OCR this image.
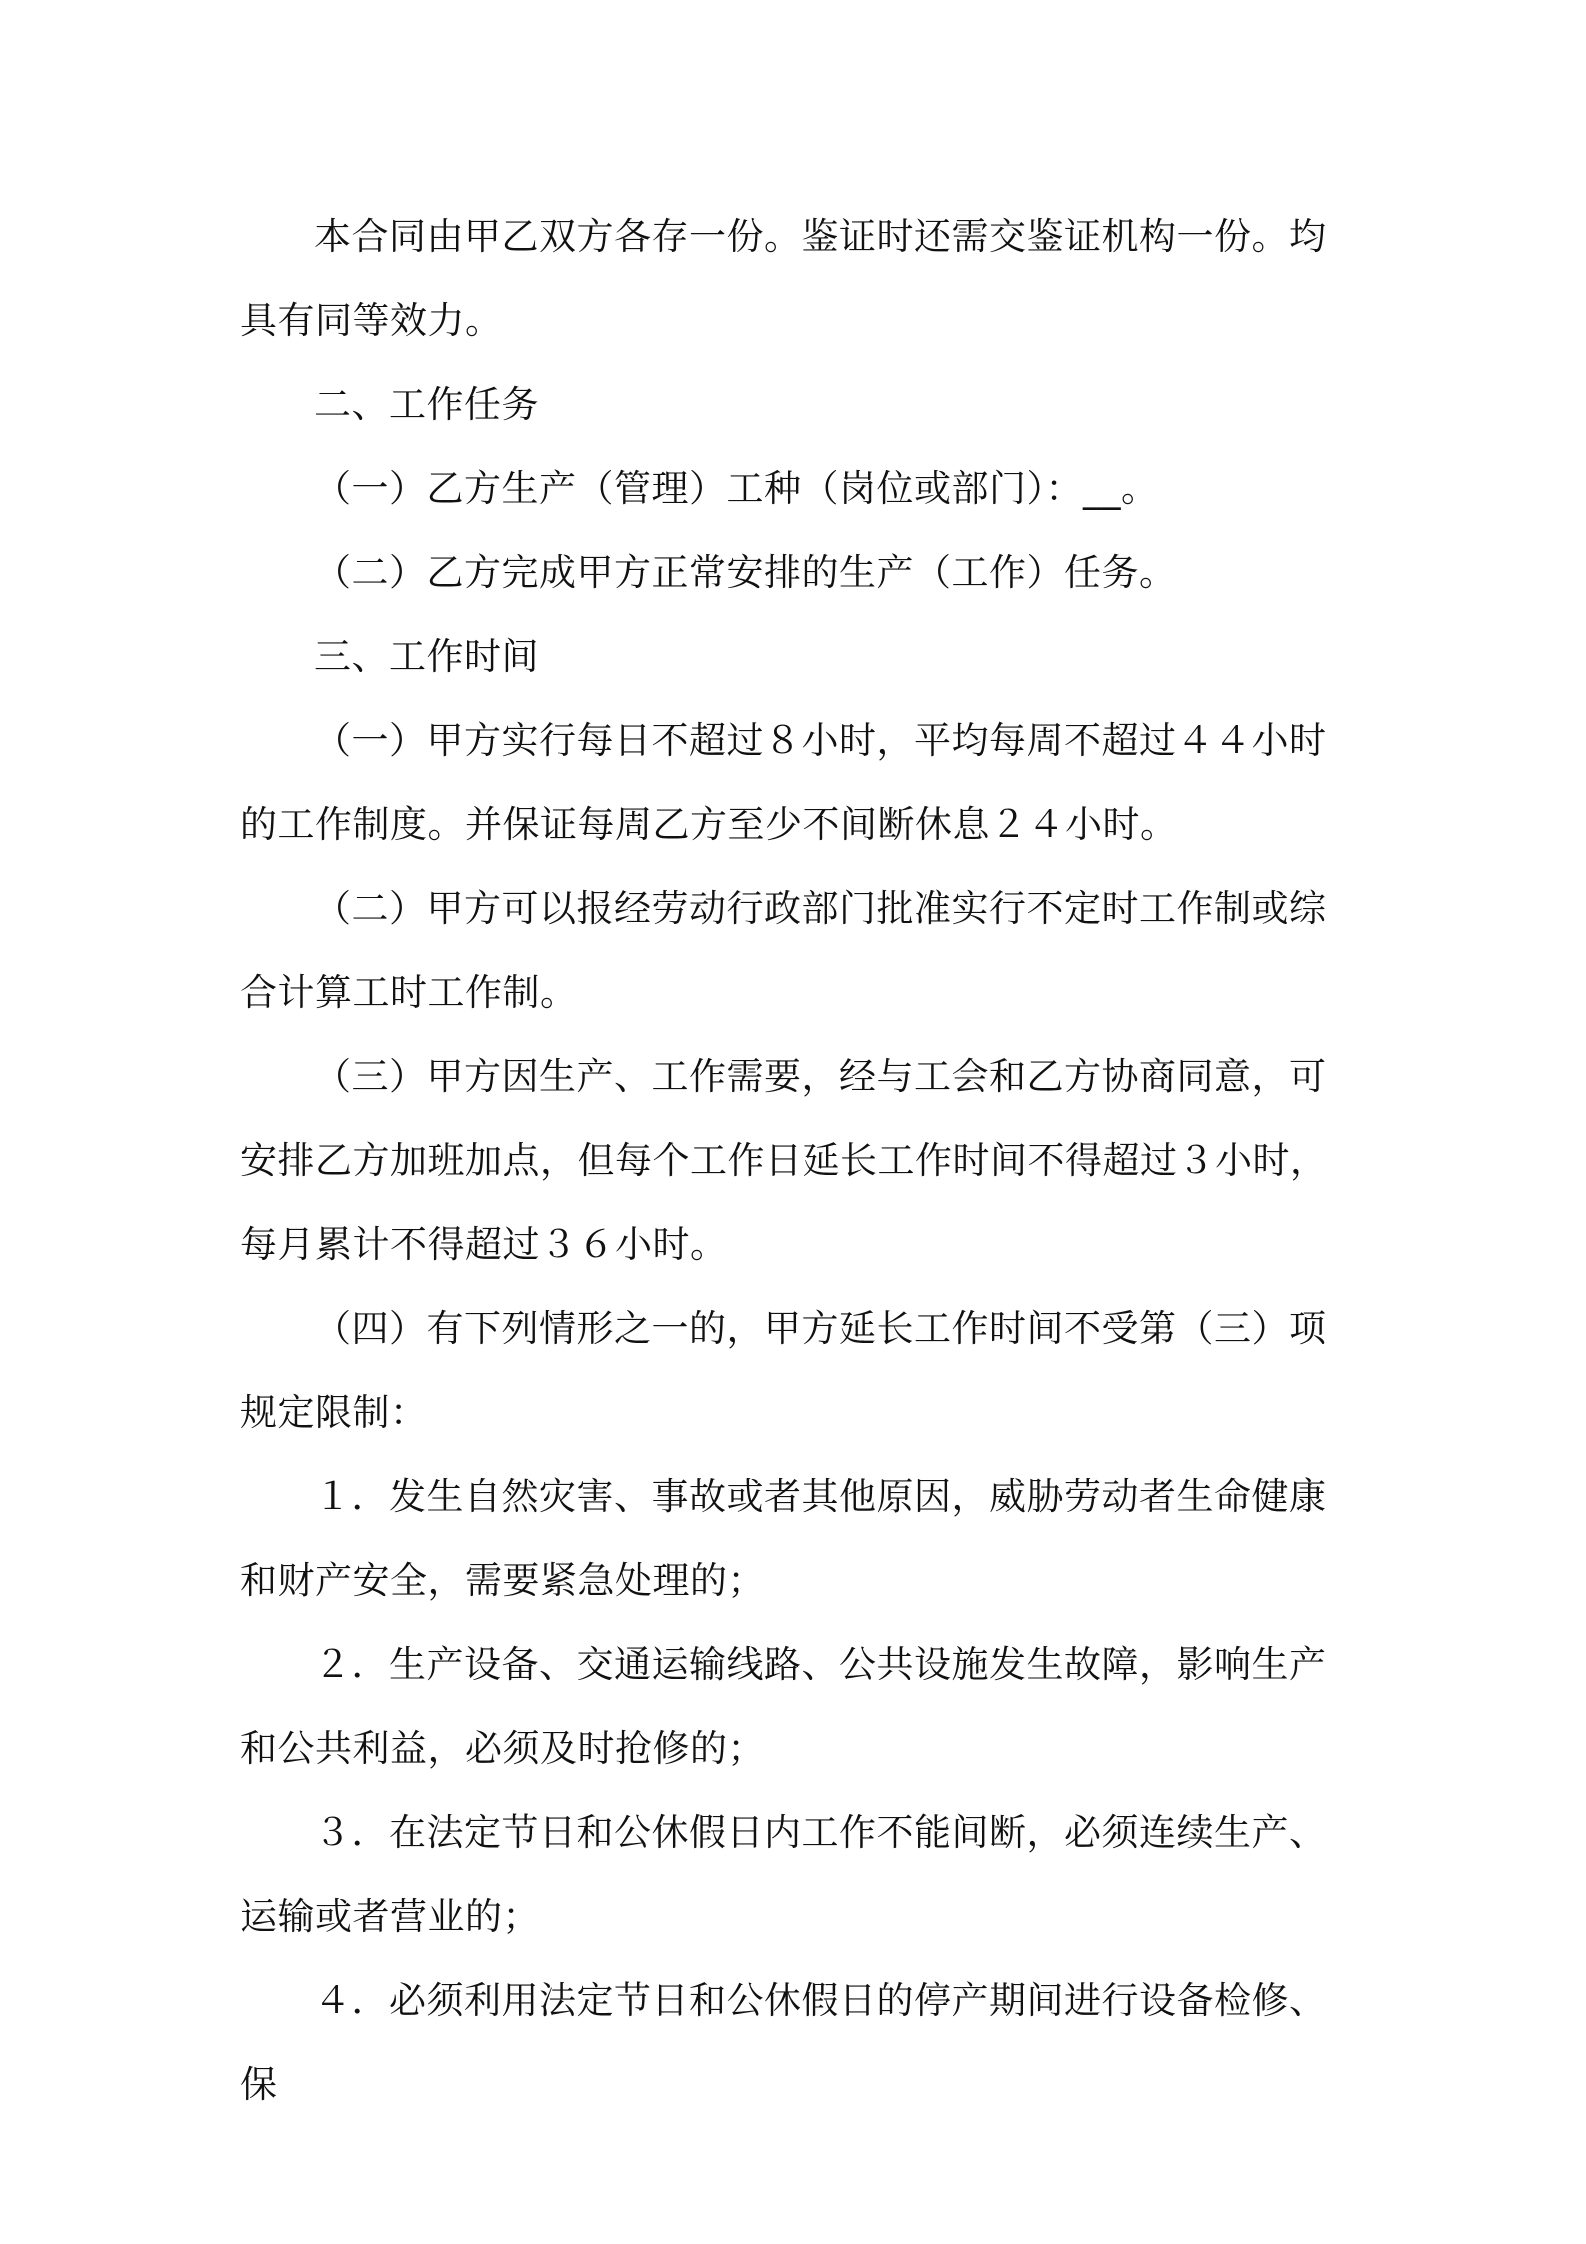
本合同由甲乙双方各存一份。鉴证时还需交鉴证机构一份。均具有同等效力。

二、工作任务

（一）乙方生产（管理）工种（岗位或部门）：__。

（二）乙方完成甲方正常安排的生产（工作）任务。

三、工作时间

（一）甲方实行每日不超过８小时，平均每周不超过４４小时的工作制度。并保证每周乙方至少不间断休息２４小时。

（二）甲方可以报经劳动行政部门批准实行不定时工作制或综合计算工时工作制。

（三）甲方因生产、工作需要，经与工会和乙方协商同意，可安排乙方加班加点，但每个工作日延长工作时间不得超过３小时，每月累计不得超过３６小时。

（四）有下列情形之一的，甲方延长工作时间不受第（三）项规定限制：

１．发生自然灾害、事故或者其他原因，威胁劳动者生命健康和财产安全，需要紧急处理的；

２．生产设备、交通运输线路、公共设施发生故障，影响生产和公共利益，必须及时抢修的；

３．在法定节日和公休假日内工作不能间断，必须连续生产、运输或者营业的；

４．必须利用法定节日和公休假日的停产期间进行设备检修、保
